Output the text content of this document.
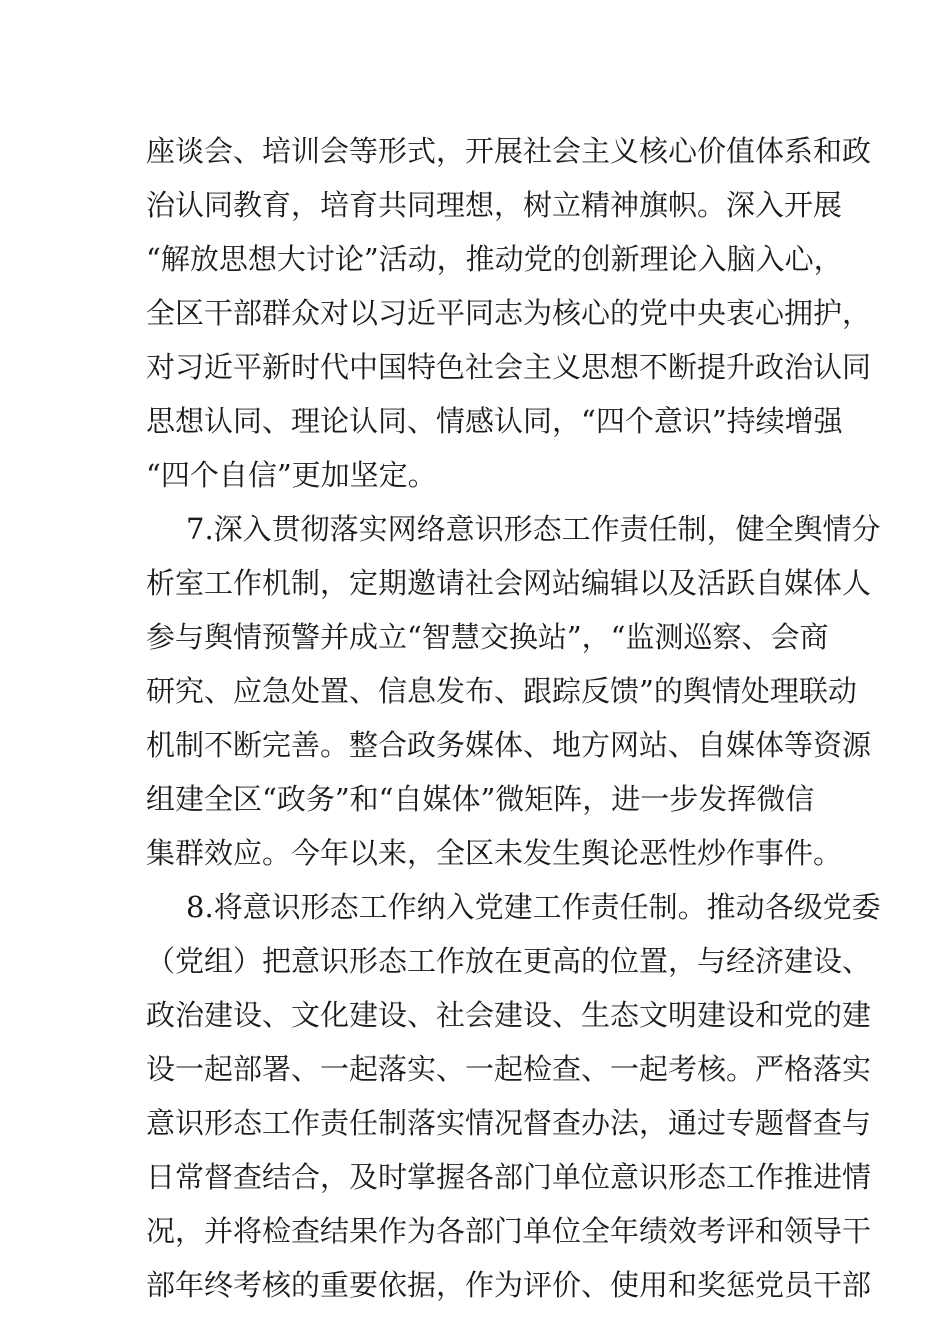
座谈会、培训会等形式，开展社会主义核心价值体系和政
治认同教育，培育共同理想，树立精神旗帜。深入开展
“解放思想大讨论”活动，推动党的创新理论入脑入心，
全区干部群众对以习近平同志为核心的党中央衷心拥护，
对习近平新时代中国特色社会主义思想不断提升政治认同
思想认同、理论认同、情感认同，“四个意识”持续增强
“四个自信”更加坚定。
7.深入贯彻落实网络意识形态工作责任制，健全舆情分
析室工作机制，定期邀请社会网站编辑以及活跃自媒体人
参与舆情预警并成立“智慧交换站”，“监测巡察、会商
研究、应急处置、信息发布、跟踪反馈”的舆情处理联动
机制不断完善。整合政务媒体、地方网站、自媒体等资源
组建全区“政务”和“自媒体”微矩阵，进一步发挥微信
集群效应。今年以来，全区未发生舆论恶性炒作事件。
8.将意识形态工作纳入党建工作责任制。推动各级党委
（党组）把意识形态工作放在更高的位置，与经济建设、
政治建设、文化建设、社会建设、生态文明建设和党的建
设一起部署、一起落实、一起检查、一起考核。严格落实
意识形态工作责任制落实情况督查办法，通过专题督查与
日常督查结合，及时掌握各部门单位意识形态工作推进情
况，并将检查结果作为各部门单位全年绩效考评和领导干
部年终考核的重要依据，作为评价、使用和奖惩党员干部
